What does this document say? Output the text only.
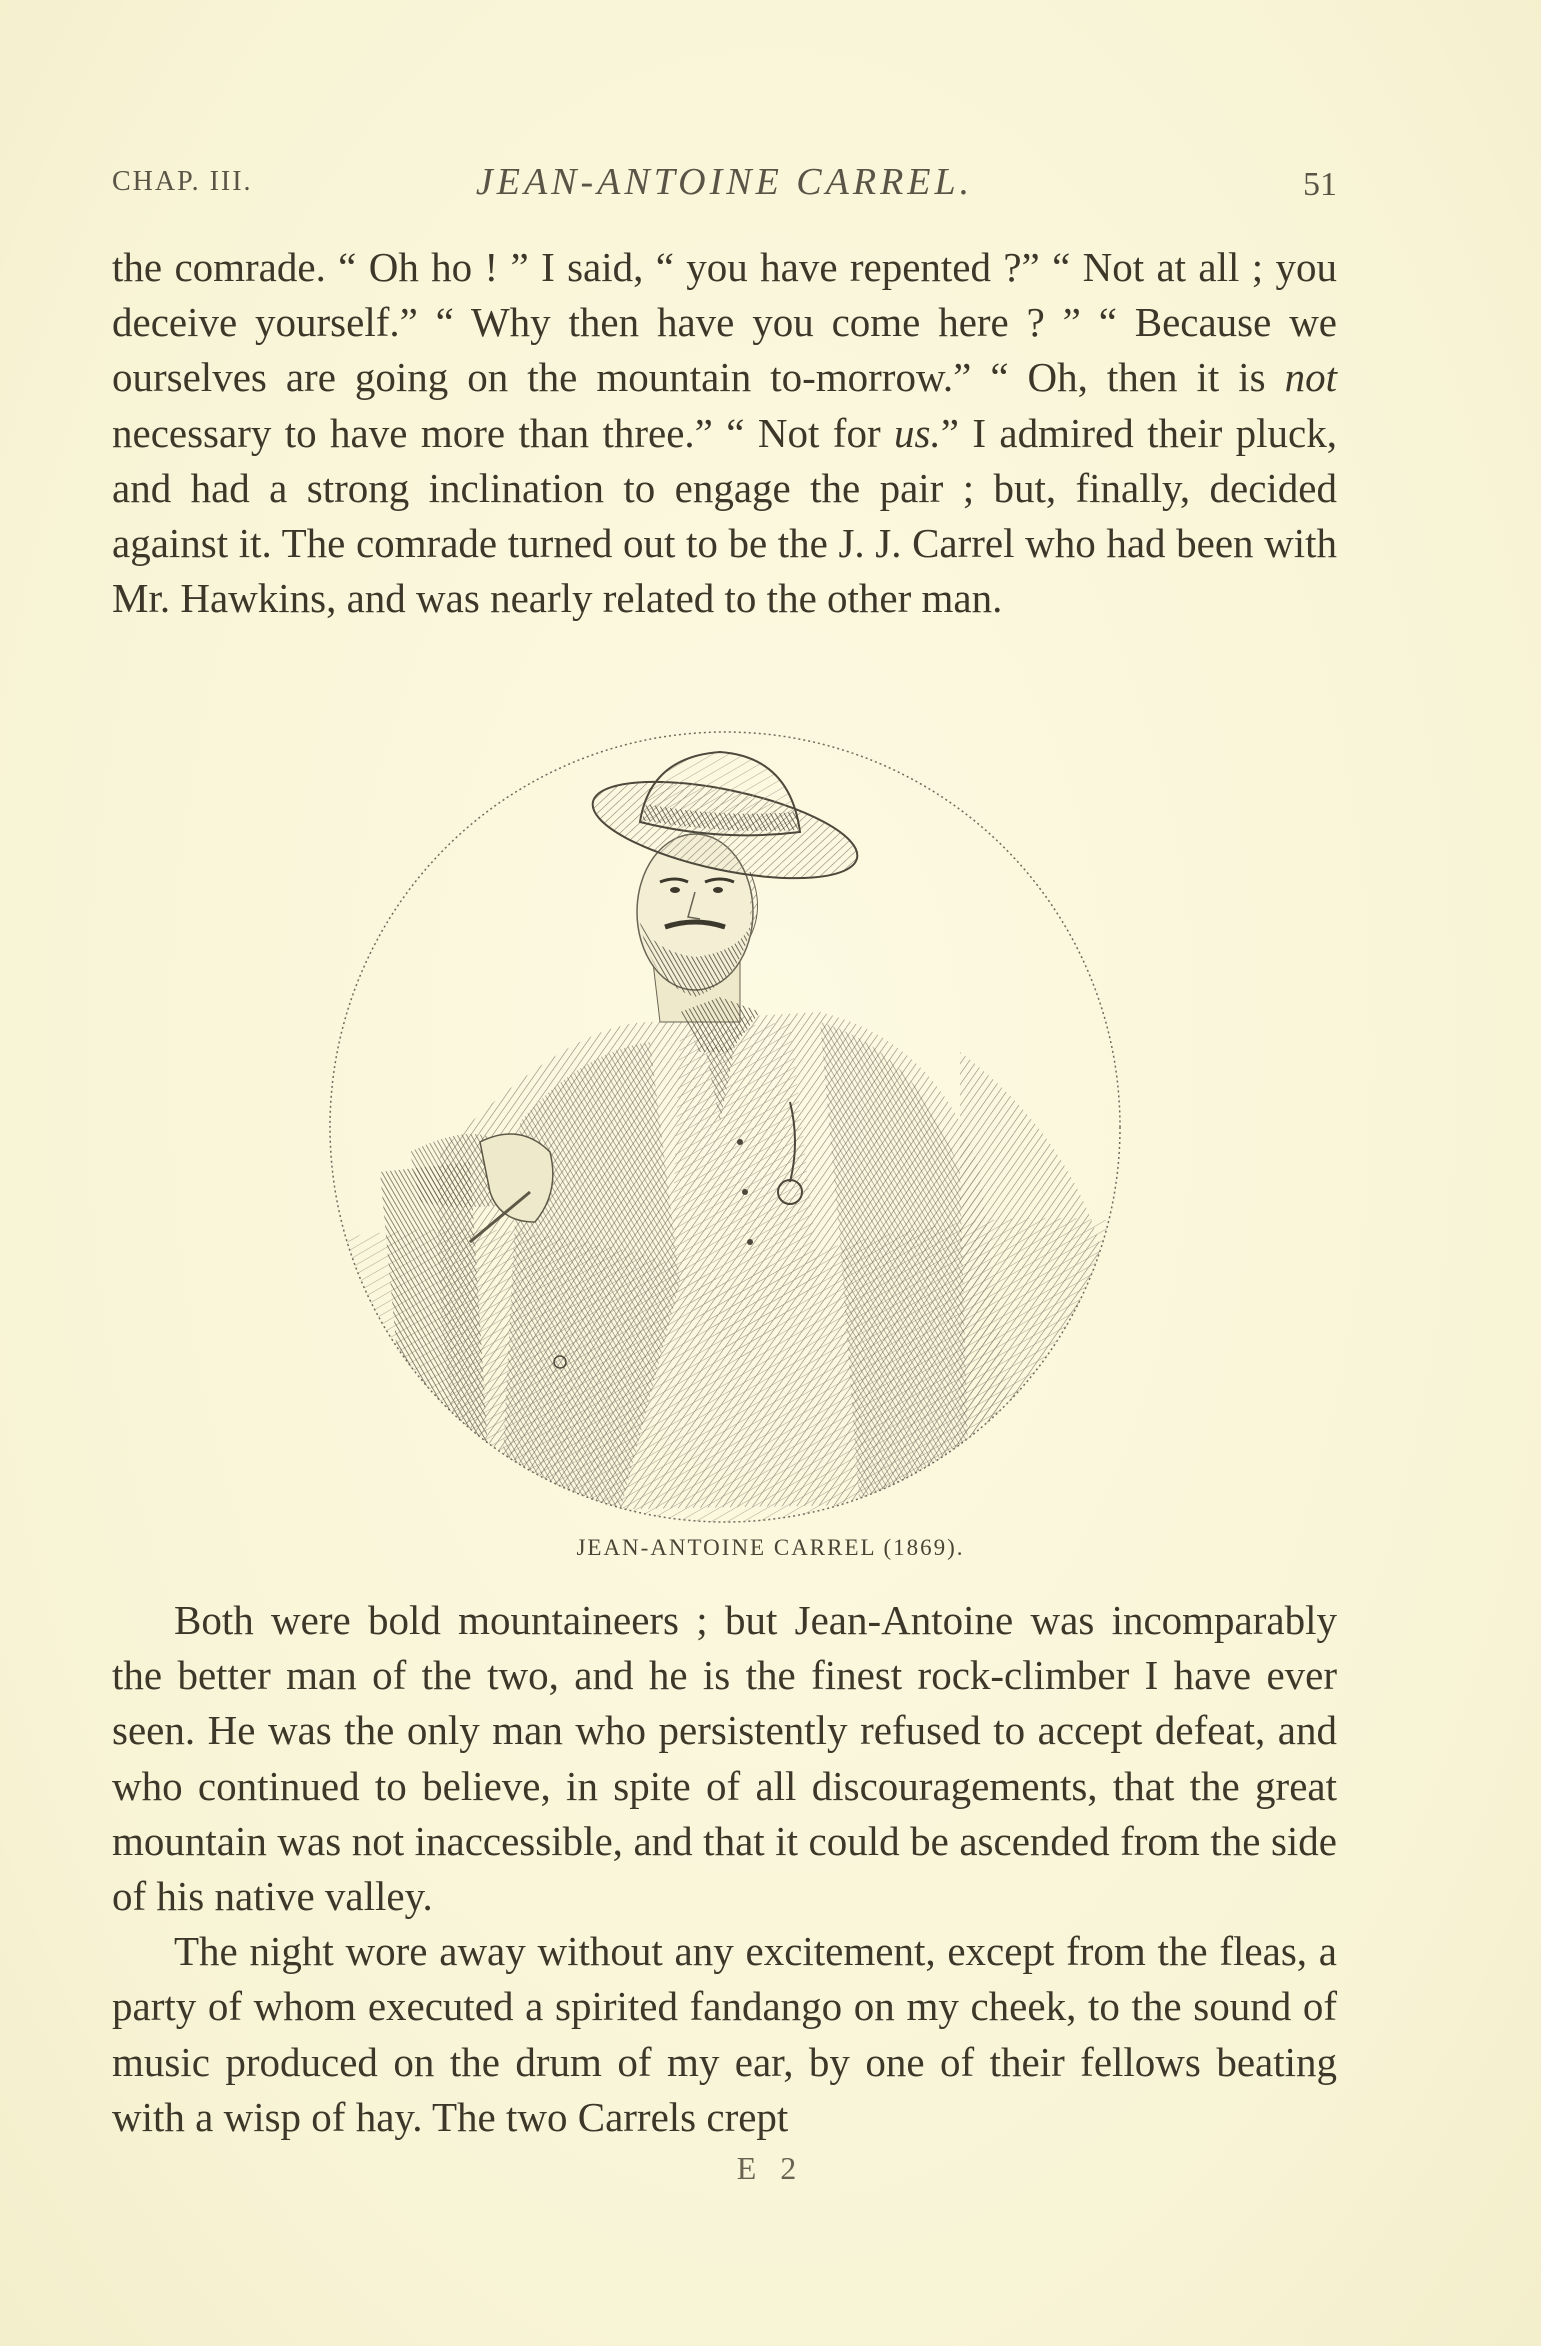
CHAP. III.	JEAN-ANTOINE CARREL.	51

the comrade. “ Oh ho ! ” I said, “ you have repented ?” “ Not at all ; you deceive yourself.” “ Why then have you come here ? ” “ Because we ourselves are going on the mountain to-morrow.” “ Oh, then it is not necessary to have more than three.” “ Not for us.” I admired their pluck, and had a strong inclination to engage the pair ; but, finally, decided against it. The comrade turned out to be the J. J. Carrel who had been with Mr. Hawkins, and was nearly related to the other man.

JEAN-ANTOINE CARREL (1869).

Both were bold mountaineers ; but Jean-Antoine was incomparably the better man of the two, and he is the finest rock-climber I have ever seen. He was the only man who persistently refused to accept defeat, and who continued to believe, in spite of all discouragements, that the great mountain was not inaccessible, and that it could be ascended from the side of his native valley.

The night wore away without any excitement, except from the fleas, a party of whom executed a spirited fandango on my cheek, to the sound of music produced on the drum of my ear, by one of their fellows beating with a wisp of hay. The two Carrels crept

E 2
